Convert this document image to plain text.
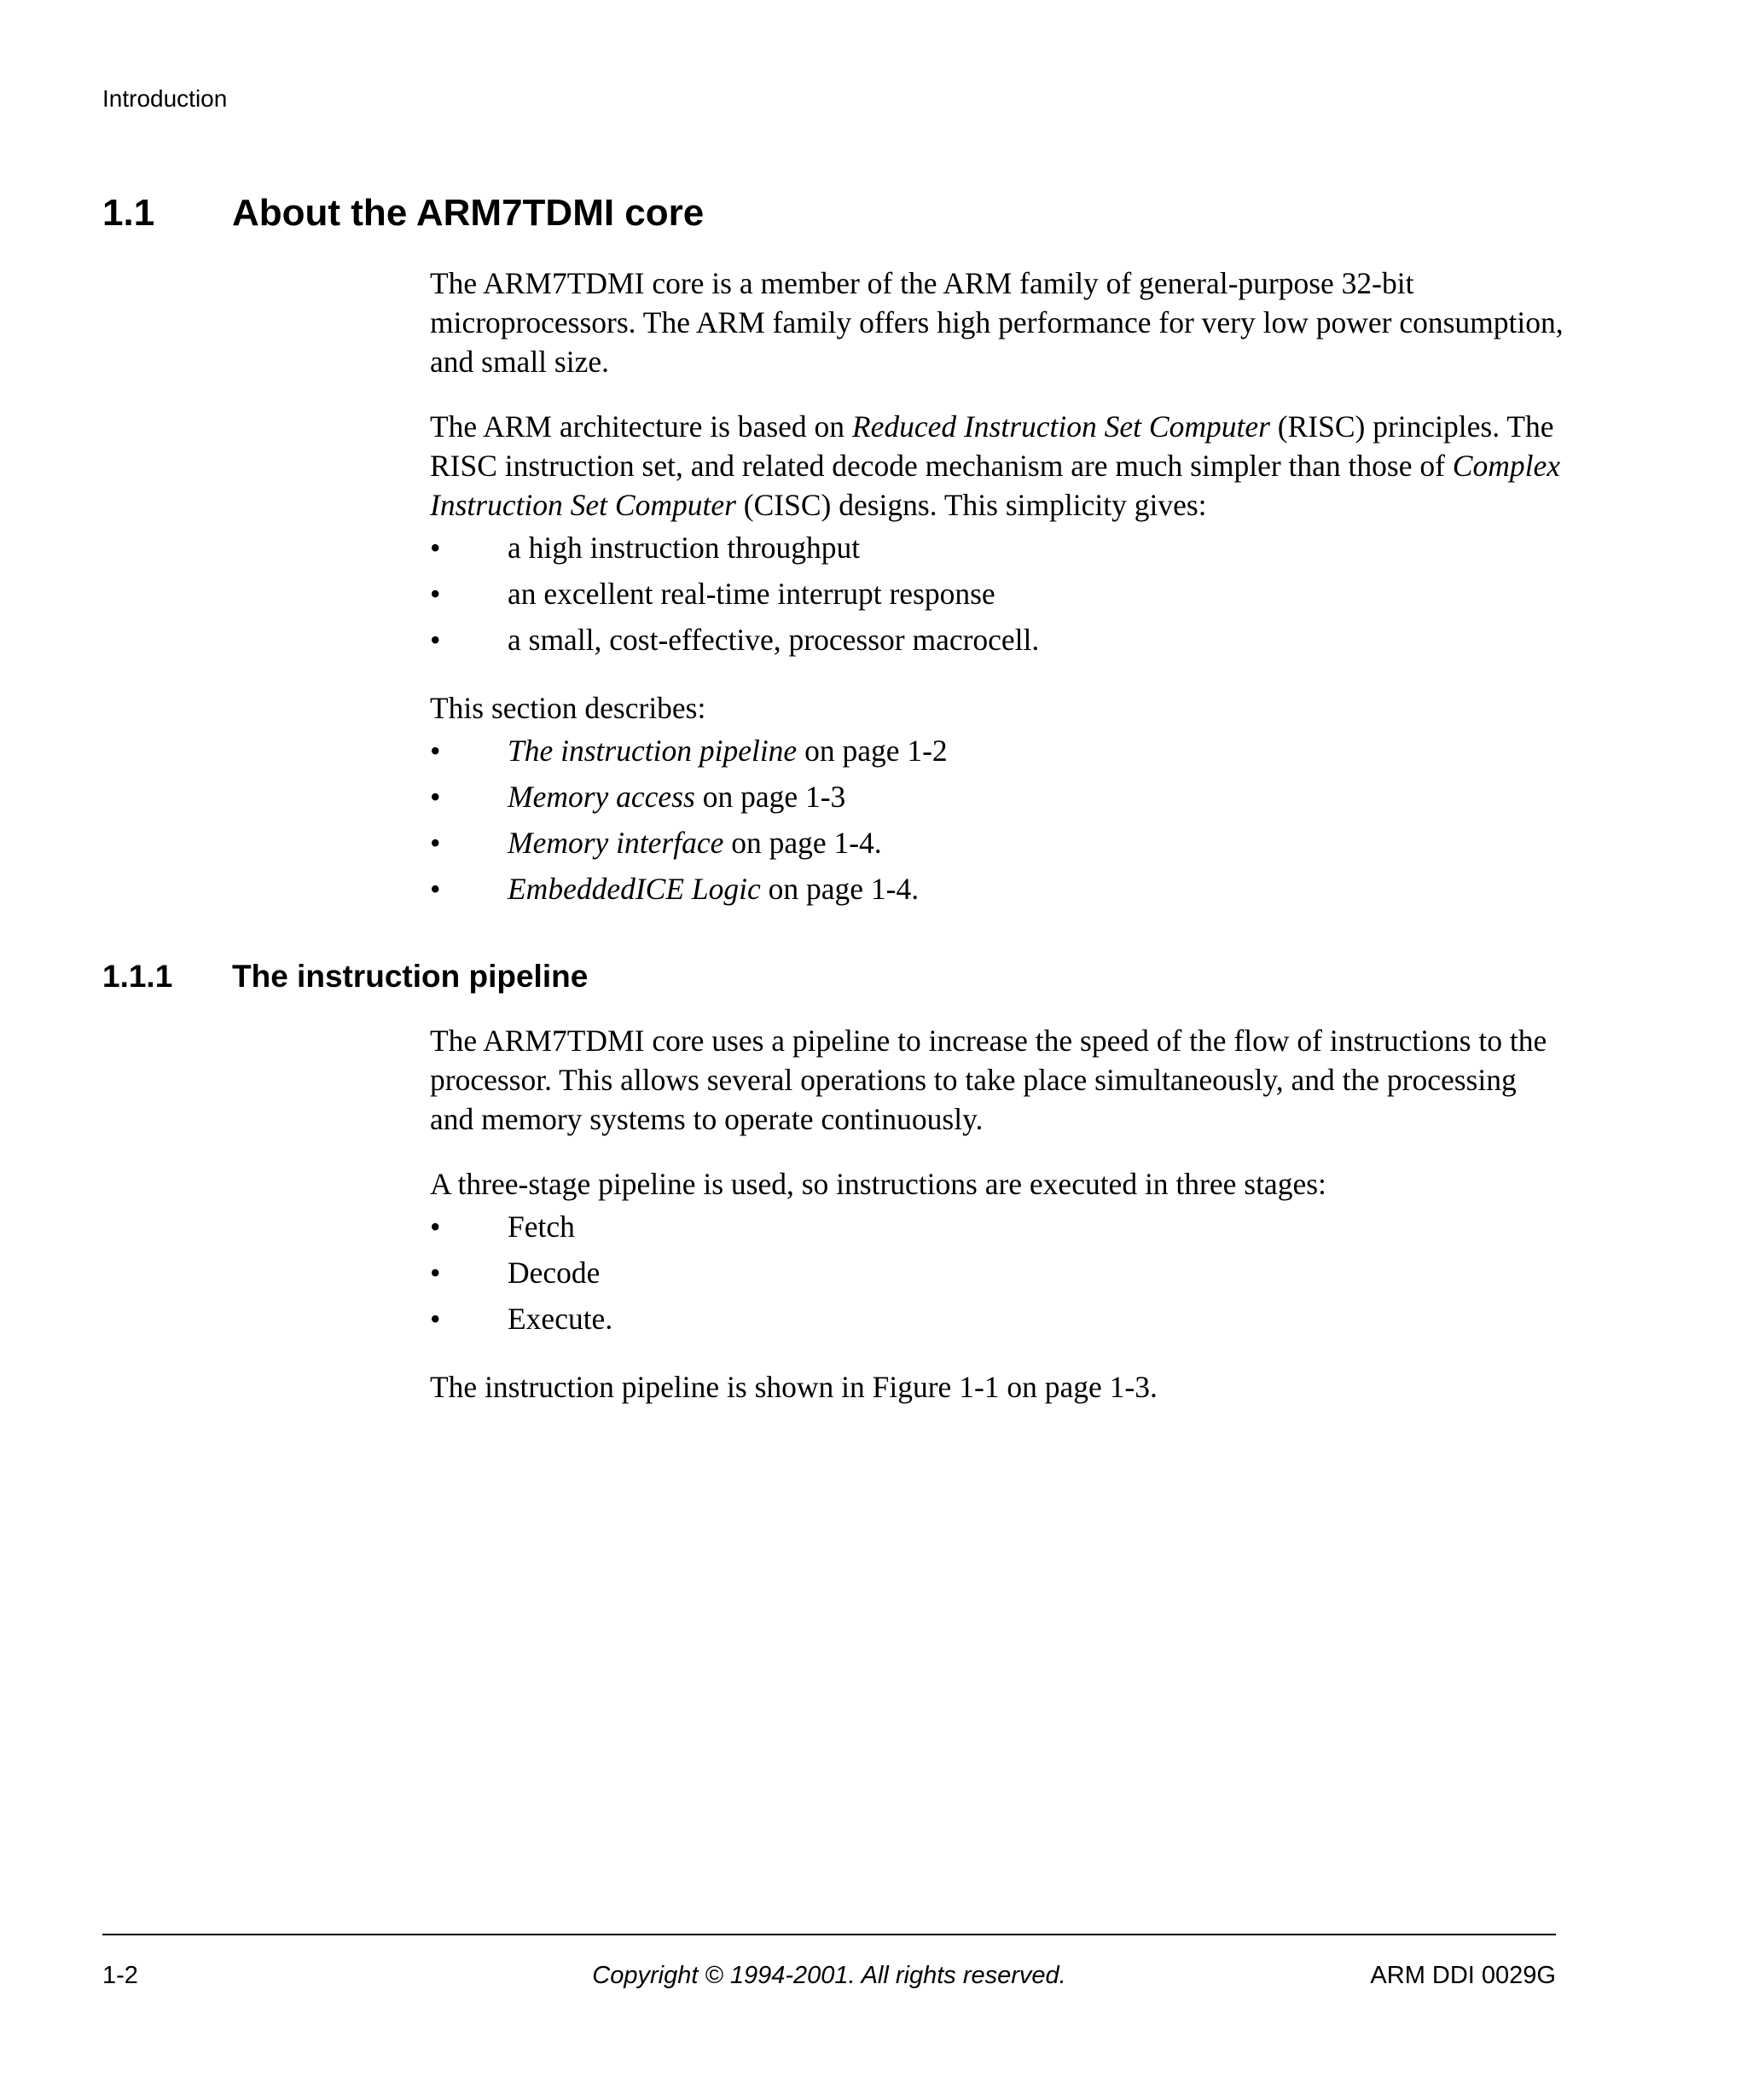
Introduction
1.1 About the ARM7TDMI core

The ARM7TDMI core is a member of the ARM family of general-purpose 32-bit microprocessors. The ARM family offers high performance for very low power consumption, and small size.

The ARM architecture is based on Reduced Instruction Set Computer (RISC) principles. The RISC instruction set, and related decode mechanism are much simpler than those of Complex Instruction Set Computer (CISC) designs. This simplicity gives:

• a high instruction throughput
• an excellent real-time interrupt response
• a small, cost-effective, processor macrocell.

This section describes:

• The instruction pipeline on page 1-2
• Memory access on page 1-3
• Memory interface on page 1-4.
• EmbeddedICE Logic on page 1-4.
1.1.1 The instruction pipeline

The ARM7TDMI core uses a pipeline to increase the speed of the flow of instructions to the processor. This allows several operations to take place simultaneously, and the processing and memory systems to operate continuously.

A three-stage pipeline is used, so instructions are executed in three stages:

• Fetch
• Decode
• Execute.

The instruction pipeline is shown in Figure 1-1 on page 1-3.

1-2	Copyright © 1994-2001. All rights reserved.	ARM DDI 0029G
